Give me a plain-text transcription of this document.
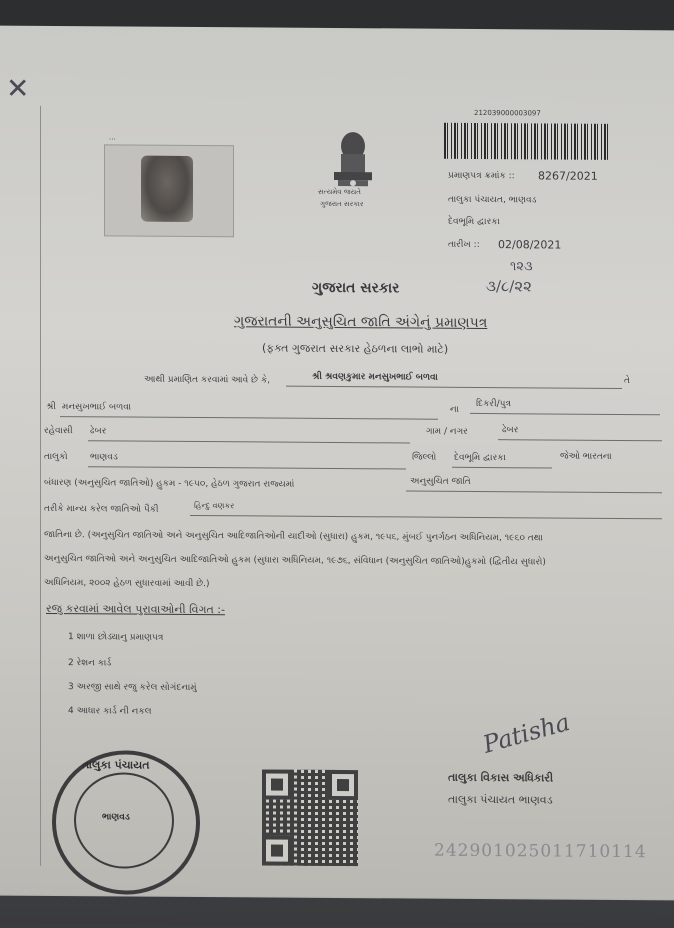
✕
...
સત્યમેવ જયતે
ગુજરાત સરકાર
212039000003097
પ્રમાણપત્ર ક્રમાંક :: 8267/2021
તાલુકા પંચાયત, ભાણવડ
દેવભૂમિ દ્વારકા
તારીખ :: 02/08/2021
૧૨૩
૩/૮/૨૨
ગુજરાત સરકાર
ગુજરાતની અનુસુચિત જાતિ અંગેનું પ્રમાણપત્ર
(ફક્ત ગુજરાત સરકાર હેઠળના લાભો માટે)
આથી પ્રમાણિત કરવામાં આવે છે કે,	શ્રી શ્રવણકુમાર મનસુખભાઈ બળવા	તે
શ્રી મનસુખભાઈ બળવા	ના
દિકરી/પુત્ર
રહેવાસી ઢેબર	ગામ / નગર	ઢેબર
તાલુકો ભાણવડ	જિલ્લો દેવભૂમિ દ્વારકા	જેઓ ભારતના
બંધારણ (અનુસુચિત જાતિઓ) હુકમ - ૧૯૫૦, હેઠળ ગુજરાત રાજ્યમાં	અનુસુચિત જાતિ
તરીકે માન્ય કરેલ જાતિઓ પૈકી	હિન્દુ વણકર
જાતિના છે. (અનુસુચિત જાતિઓ અને અનુસુચિત આદિજાતિઓની યાદીઓ (સુધારા) હુકમ, ૧૯૫૬, મુંબઈ પુનર્ગઠન અધિનિયમ, ૧૯૬૦ તથા
અનુસુચિત જાતિઓ અને અનુસુચિત આદિજાતિઓ હુકમ (સુધારા અધિનિયમ, ૧૯૭૬, સંવિધાન (અનુસુચિત જાતિઓ)હુકમો (દ્વિતીય સુધારો)
અધિનિયમ, ૨૦૦૨ હેઠળ સુધારવામાં આવી છે.)
રજુ કરવામાં આવેલ પુરાવાઓની વિગત :-
1 શાળા છોડ્યાનુ પ્રમાણપત્ર
2 રેશન કાર્ડ
3 અરજી સાથે રજુ કરેલ સોગંદનામું
4 આધાર કાર્ડ ની નકલ	Patisha
તાલુકા વિકાસ અધિકારી
તાલુકા પંચાયત ભાણવડ
242901025011710114
તાલુકા પંચાયત
ભાણવડ
